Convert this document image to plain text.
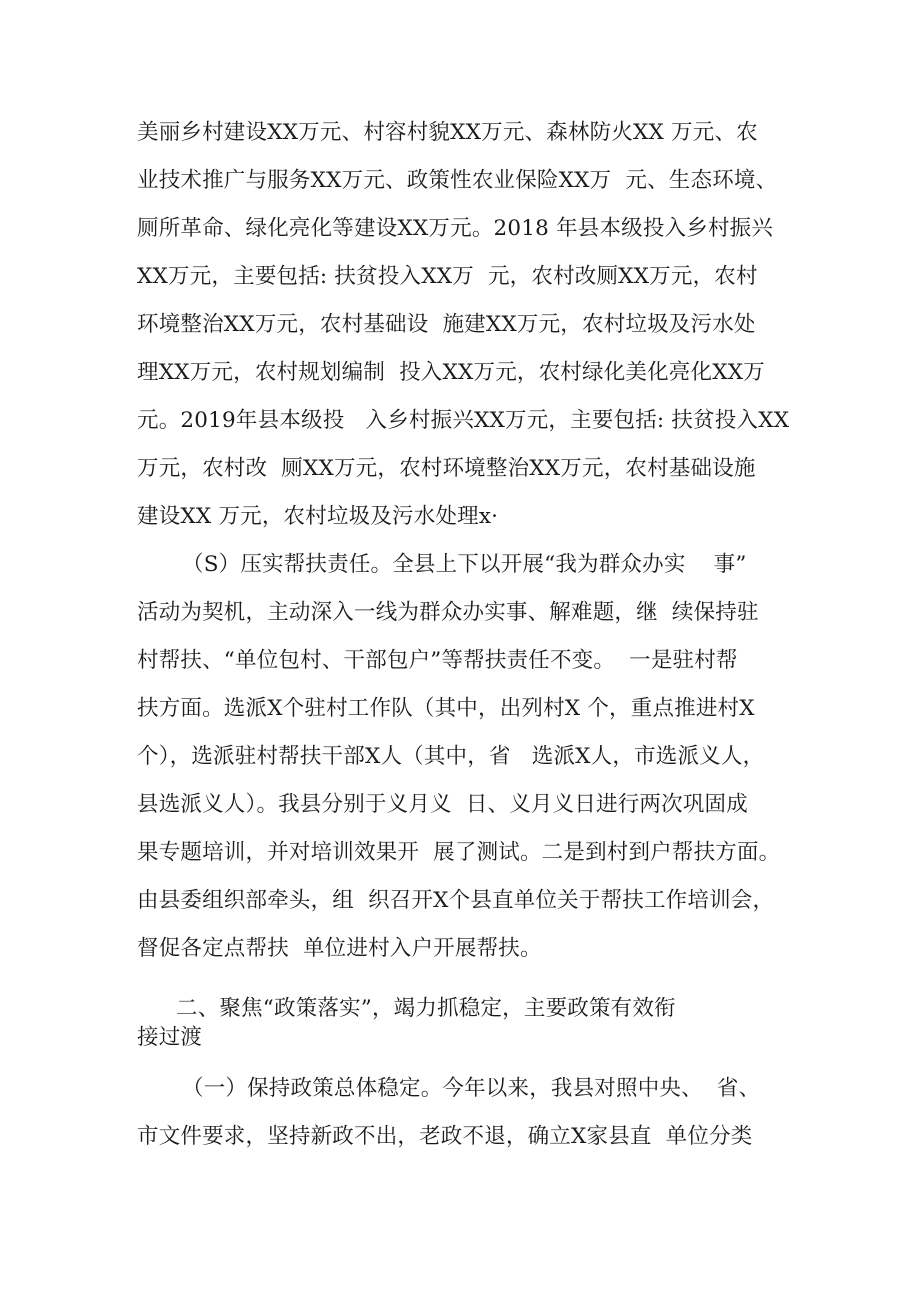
美丽乡村建设XX万元、村容村貌XX万元、森林防火XX 万元、农
业技术推广与服务XX万元、政策性农业保险XX万  元、生态环境、
厕所革命、绿化亮化等建设XX万元。2018 年县本级投入乡村振兴
XX万元，主要包括: 扶贫投入XX万  元，农村改厕XX万元，农村
环境整治XX万元，农村基础设  施建XX万元，农村垃圾及污水处
理XX万元，农村规划编制  投入XX万元，农村绿化美化亮化XX万
元。2019年县本级投   入乡村振兴XX万元，主要包括: 扶贫投入XX
万元，农村改  厕XX万元，农村环境整治XX万元，农村基础设施
建设XX 万元，农村垃圾及污水处理x·
（S）压实帮扶责任。全县上下以开展“我为群众办实    事”
活动为契机，主动深入一线为群众办实事、解难题，继  续保持驻
村帮扶、“单位包村、干部包户”等帮扶责任不变。  一是驻村帮
扶方面。选派X个驻村工作队（其中，出列村X 个，重点推进村X
个），选派驻村帮扶干部X人（其中，省   选派X人，市选派义人，
县选派义人）。我县分别于义月义  日、义月义日进行两次巩固成
果专题培训，并对培训效果开  展了测试。二是到村到户帮扶方面。
由县委组织部牵头，组  织召开X个县直单位关于帮扶工作培训会，
督促各定点帮扶  单位进村入户开展帮扶。
二、聚焦“政策落实”，竭力抓稳定，主要政策有效衔
接过渡
（一）保持政策总体稳定。今年以来，我县对照中央、  省、
市文件要求，坚持新政不出，老政不退，确立X家县直  单位分类
